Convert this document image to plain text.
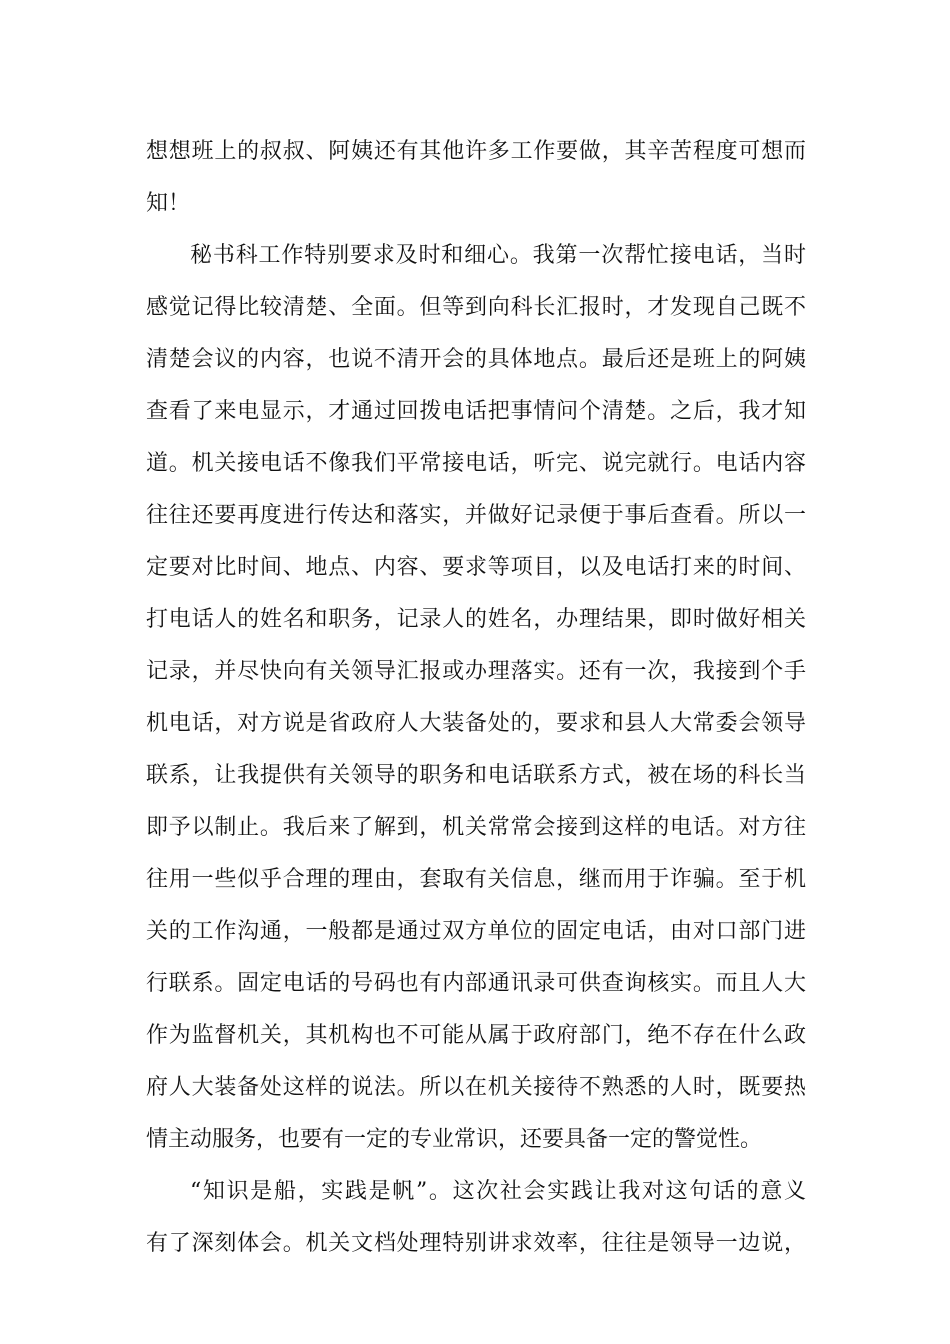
想想班上的叔叔、阿姨还有其他许多工作要做，其辛苦程度可想而
知！
秘书科工作特别要求及时和细心。我第一次帮忙接电话，当时
感觉记得比较清楚、全面。但等到向科长汇报时，才发现自己既不
清楚会议的内容，也说不清开会的具体地点。最后还是班上的阿姨
查看了来电显示，才通过回拨电话把事情问个清楚。之后，我才知
道。机关接电话不像我们平常接电话，听完、说完就行。电话内容
往往还要再度进行传达和落实，并做好记录便于事后查看。所以一
定要对比时间、地点、内容、要求等项目，以及电话打来的时间、
打电话人的姓名和职务，记录人的姓名，办理结果，即时做好相关
记录，并尽快向有关领导汇报或办理落实。还有一次，我接到个手
机电话，对方说是省政府人大装备处的，要求和县人大常委会领导
联系，让我提供有关领导的职务和电话联系方式，被在场的科长当
即予以制止。我后来了解到，机关常常会接到这样的电话。对方往
往用一些似乎合理的理由，套取有关信息，继而用于诈骗。至于机
关的工作沟通，一般都是通过双方单位的固定电话，由对口部门进
行联系。固定电话的号码也有内部通讯录可供查询核实。而且人大
作为监督机关，其机构也不可能从属于政府部门，绝不存在什么政
府人大装备处这样的说法。所以在机关接待不熟悉的人时，既要热
情主动服务，也要有一定的专业常识，还要具备一定的警觉性。
“知识是船，实践是帆”。这次社会实践让我对这句话的意义
有了深刻体会。机关文档处理特别讲求效率，往往是领导一边说，
